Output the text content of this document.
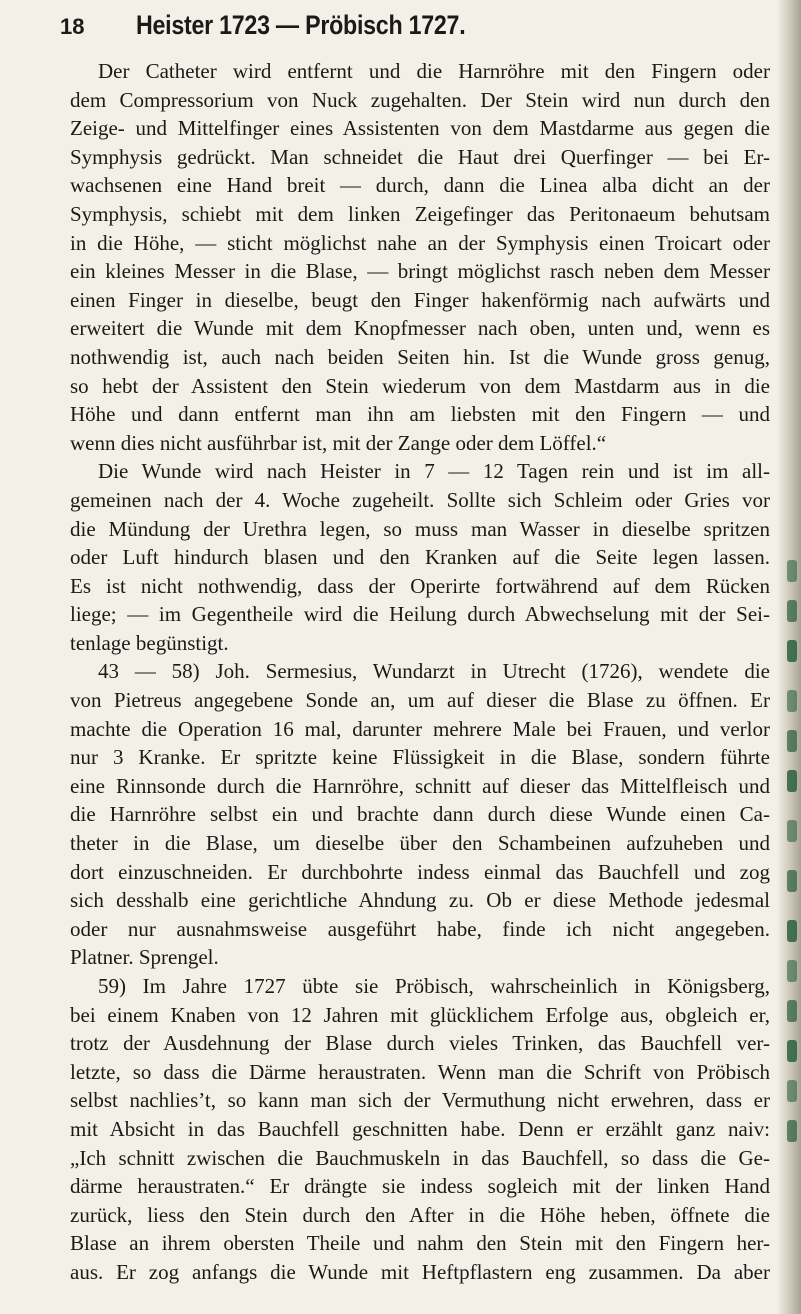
18 Heister 1723 — Pröbisch 1727.
Der Catheter wird entfernt und die Harnröhre mit den Fingern oder
dem Compressorium von Nuck zugehalten. Der Stein wird nun durch den
Zeige- und Mittelfinger eines Assistenten von dem Mastdarme aus gegen die
Symphysis gedrückt. Man schneidet die Haut drei Querfinger — bei Er-
wachsenen eine Hand breit — durch, dann die Linea alba dicht an der
Symphysis, schiebt mit dem linken Zeigefinger das Peritonaeum behutsam
in die Höhe, — sticht möglichst nahe an der Symphysis einen Troicart oder
ein kleines Messer in die Blase, — bringt möglichst rasch neben dem Messer
einen Finger in dieselbe, beugt den Finger hakenförmig nach aufwärts und
erweitert die Wunde mit dem Knopfmesser nach oben, unten und, wenn es
nothwendig ist, auch nach beiden Seiten hin. Ist die Wunde gross genug,
so hebt der Assistent den Stein wiederum von dem Mastdarm aus in die
Höhe und dann entfernt man ihn am liebsten mit den Fingern — und
wenn dies nicht ausführbar ist, mit der Zange oder dem Löffel.“
Die Wunde wird nach Heister in 7 — 12 Tagen rein und ist im all-
gemeinen nach der 4. Woche zugeheilt. Sollte sich Schleim oder Gries vor
die Mündung der Urethra legen, so muss man Wasser in dieselbe spritzen
oder Luft hindurch blasen und den Kranken auf die Seite legen lassen.
Es ist nicht nothwendig, dass der Operirte fortwährend auf dem Rücken
liege; — im Gegentheile wird die Heilung durch Abwechselung mit der Sei-
tenlage begünstigt.
43 — 58) Joh. Sermesius, Wundarzt in Utrecht (1726), wendete die
von Pietreus angegebene Sonde an, um auf dieser die Blase zu öffnen. Er
machte die Operation 16 mal, darunter mehrere Male bei Frauen, und verlor
nur 3 Kranke. Er spritzte keine Flüssigkeit in die Blase, sondern führte
eine Rinnsonde durch die Harnröhre, schnitt auf dieser das Mittelfleisch und
die Harnröhre selbst ein und brachte dann durch diese Wunde einen Ca-
theter in die Blase, um dieselbe über den Schambeinen aufzuheben und
dort einzuschneiden. Er durchbohrte indess einmal das Bauchfell und zog
sich desshalb eine gerichtliche Ahndung zu. Ob er diese Methode jedesmal
oder nur ausnahmsweise ausgeführt habe, finde ich nicht angegeben.
Platner. Sprengel.
59) Im Jahre 1727 übte sie Pröbisch, wahrscheinlich in Königsberg,
bei einem Knaben von 12 Jahren mit glücklichem Erfolge aus, obgleich er,
trotz der Ausdehnung der Blase durch vieles Trinken, das Bauchfell ver-
letzte, so dass die Därme heraustraten. Wenn man die Schrift von Pröbisch
selbst nachlies’t, so kann man sich der Vermuthung nicht erwehren, dass er
mit Absicht in das Bauchfell geschnitten habe. Denn er erzählt ganz naiv:
„Ich schnitt zwischen die Bauchmuskeln in das Bauchfell, so dass die Ge-
därme heraustraten.“ Er drängte sie indess sogleich mit der linken Hand
zurück, liess den Stein durch den After in die Höhe heben, öffnete die
Blase an ihrem obersten Theile und nahm den Stein mit den Fingern her-
aus. Er zog anfangs die Wunde mit Heftpflastern eng zusammen. Da aber
